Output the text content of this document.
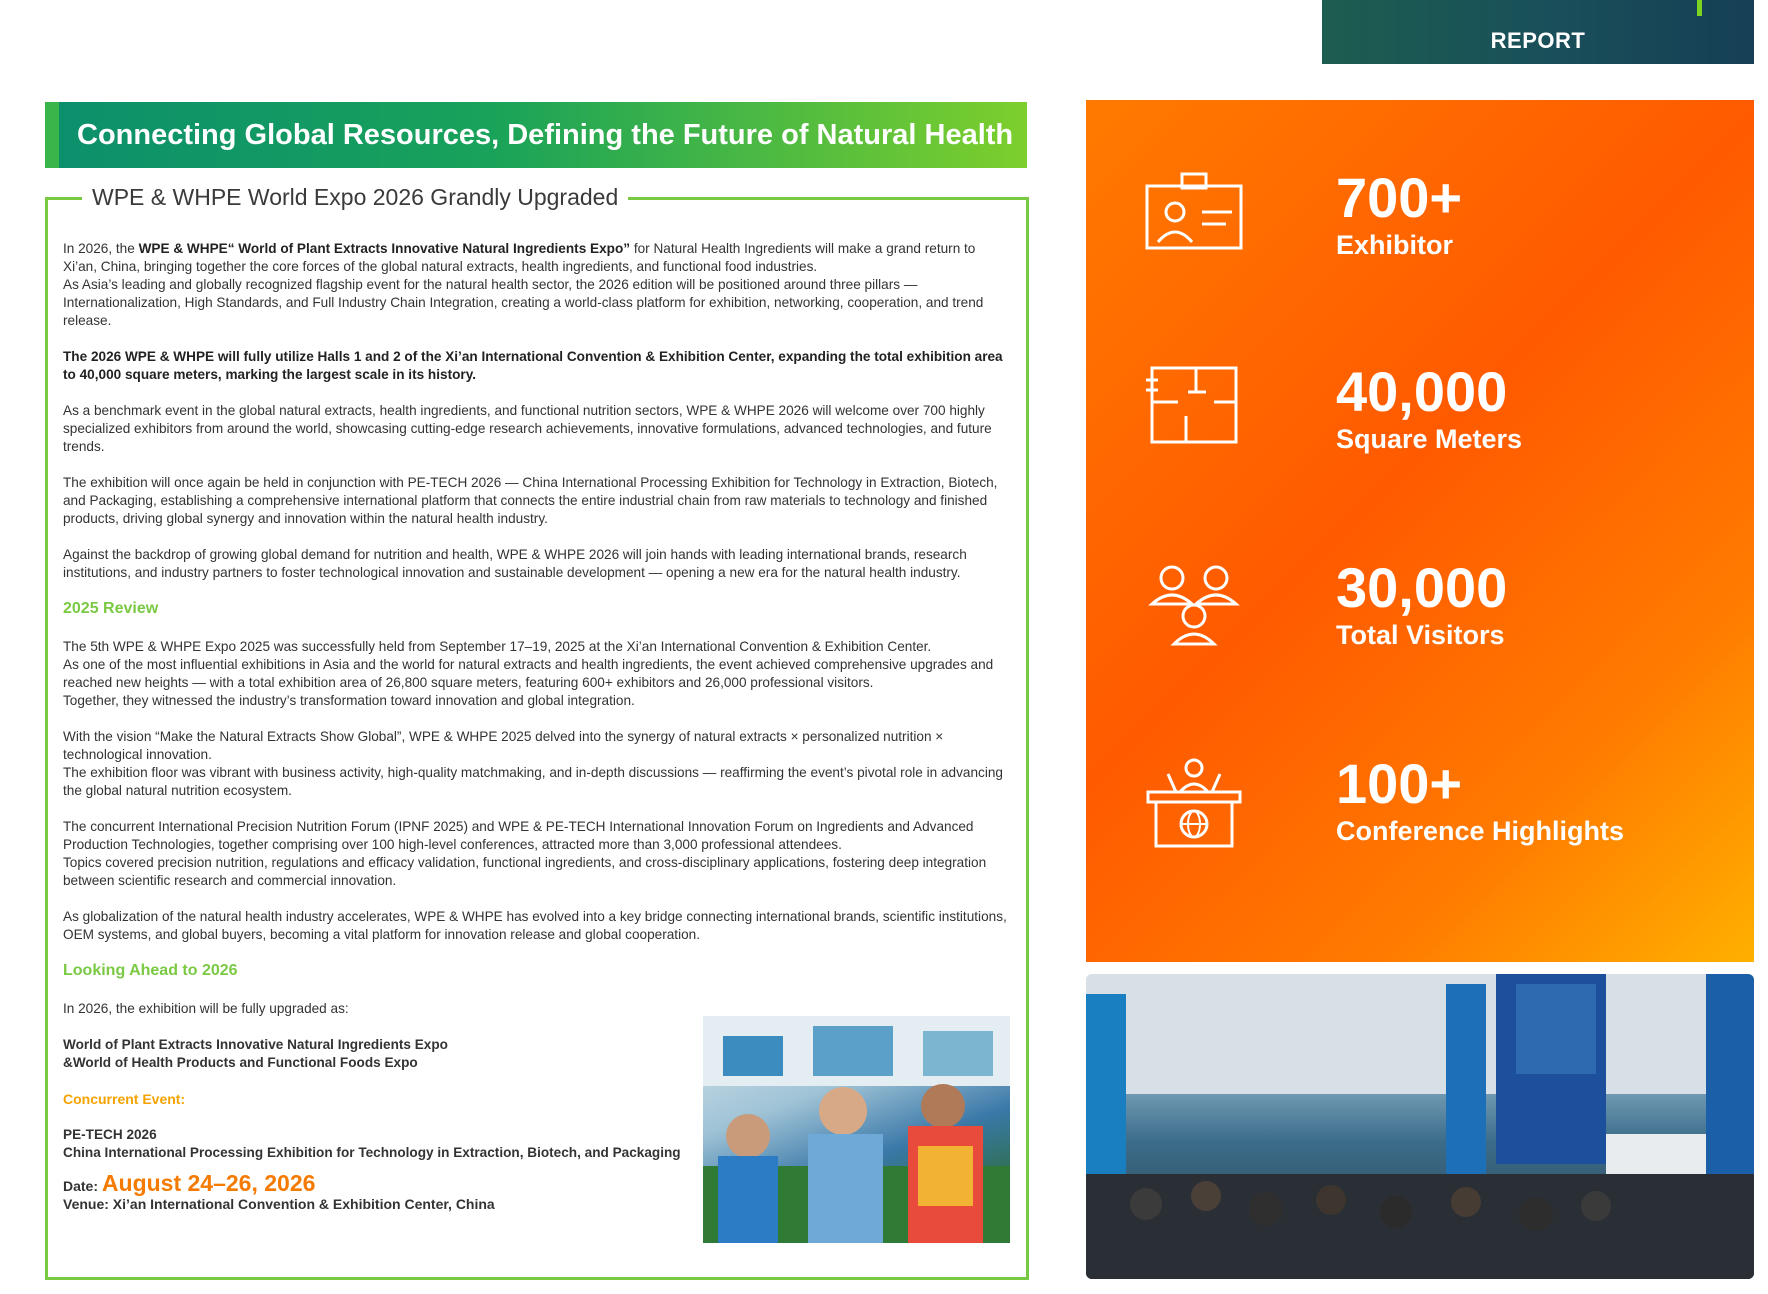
REPORT
Connecting Global Resources, Defining the Future of Natural Health
WPE & WHPE World Expo 2026 Grandly Upgraded

In 2026, the WPE & WHPE“ World of Plant Extracts Innovative Natural Ingredients Expo” for Natural Health Ingredients will make a grand return to Xi’an, China, bringing together the core forces of the global natural extracts, health ingredients, and functional food industries.

As Asia’s leading and globally recognized flagship event for the natural health sector, the 2026 edition will be positioned around three pillars — Internationalization, High Standards, and Full Industry Chain Integration, creating a world-class platform for exhibition, networking, cooperation, and trend release.

The 2026 WPE & WHPE will fully utilize Halls 1 and 2 of the Xi’an International Convention & Exhibition Center, expanding the total exhibition area to 40,000 square meters, marking the largest scale in its history.

As a benchmark event in the global natural extracts, health ingredients, and functional nutrition sectors, WPE & WHPE 2026 will welcome over 700 highly specialized exhibitors from around the world, showcasing cutting-edge research achievements, innovative formulations, advanced technologies, and future trends.

The exhibition will once again be held in conjunction with PE-TECH 2026 — China International Processing Exhibition for Technology in Extraction, Biotech, and Packaging, establishing a comprehensive international platform that connects the entire industrial chain from raw materials to technology and finished products, driving global synergy and innovation within the natural health industry.

Against the backdrop of growing global demand for nutrition and health, WPE & WHPE 2026 will join hands with leading international brands, research institutions, and industry partners to foster technological innovation and sustainable development — opening a new era for the natural health industry.

2025 Review

The 5th WPE & WHPE Expo 2025 was successfully held from September 17–19, 2025 at the Xi’an International Convention & Exhibition Center.

As one of the most influential exhibitions in Asia and the world for natural extracts and health ingredients, the event achieved comprehensive upgrades and reached new heights — with a total exhibition area of 26,800 square meters, featuring 600+ exhibitors and 26,000 professional visitors.

Together, they witnessed the industry’s transformation toward innovation and global integration.

With the vision “Make the Natural Extracts Show Global”, WPE & WHPE 2025 delved into the synergy of natural extracts × personalized nutrition × technological innovation.

The exhibition floor was vibrant with business activity, high-quality matchmaking, and in-depth discussions — reaffirming the event’s pivotal role in advancing the global natural nutrition ecosystem.

The concurrent International Precision Nutrition Forum (IPNF 2025) and WPE & PE-TECH International Innovation Forum on Ingredients and Advanced Production Technologies, together comprising over 100 high-level conferences, attracted more than 3,000 professional attendees.

Topics covered precision nutrition, regulations and efficacy validation, functional ingredients, and cross-disciplinary applications, fostering deep integration between scientific research and commercial innovation.

As globalization of the natural health industry accelerates, WPE & WHPE has evolved into a key bridge connecting international brands, scientific institutions, OEM systems, and global buyers, becoming a vital platform for innovation release and global cooperation.

Looking Ahead to 2026

In 2026, the exhibition will be fully upgraded as:

World of Plant Extracts Innovative Natural Ingredients Expo
&World of Health Products and Functional Foods Expo
Concurrent Event:
PE-TECH 2026
China International Processing Exhibition for Technology in Extraction, Biotech, and Packaging
Date: August 24–26, 2026
Venue: Xi’an International Convention & Exhibition Center, China
700+
Exhibitor
40,000
Square Meters
30,000
Total Visitors
100+
Conference Highlights
